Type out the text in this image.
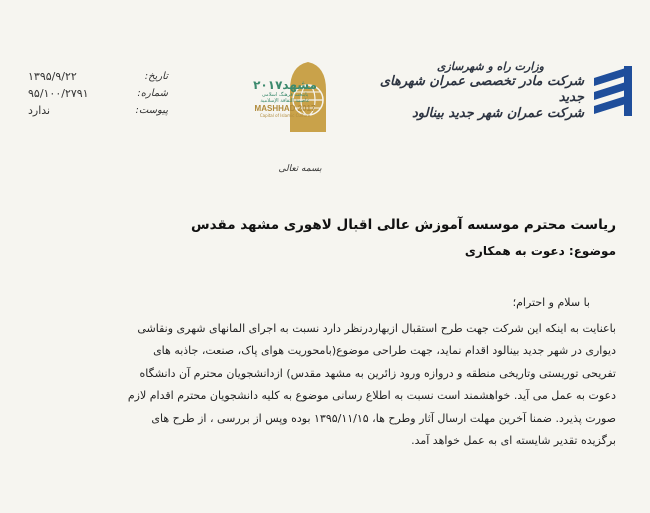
وزارت راه و شهرسازی
شرکت مادر تخصصی عمران شهرهای جدید
شرکت عمران شهر جدید بینالود
مشهد۲۰۱۷
پایتخت فرهنگ اسلامی
عاصمة الثقافة الإسلامية
MASHHAD 2017
Capital of Islamic Culture
۱۳۹۵/۹/۲۲	تاریخ:
۹۵/۱۰۰/۲۷۹۱	شماره:
ندارد	پیوست:
بسمه تعالی
ریاست محترم موسسه آموزش عالی اقبال لاهوری مشهد مقدس
موضوع: دعوت به همکاری
با سلام و احترام؛
باعنایت به اینکه این شرکت جهت طرح استقبال ازبهاردرنظر دارد نسبت به اجرای المانهای شهری ونقاشی
دیواری در شهر جدید بینالود اقدام نماید، جهت طراحی موضوع(بامحوریت هوای پاک، صنعت، جاذبه های
تفریحی توریستی وتاریخی منطقه و دروازه ورود زائرین به مشهد مقدس) ازدانشجویان محترم آن دانشگاه
دعوت به عمل می آید. خواهشمند است نسبت به اطلاع رسانی موضوع به کلیه دانشجویان محترم اقدام لازم
صورت پذیرد. ضمنا آخرین مهلت ارسال آثار وطرح ها، ۱۳۹۵/۱۱/۱۵ بوده وپس از بررسی ، از طرح های
برگزیده تقدیر شایسته ای به عمل خواهد آمد.
